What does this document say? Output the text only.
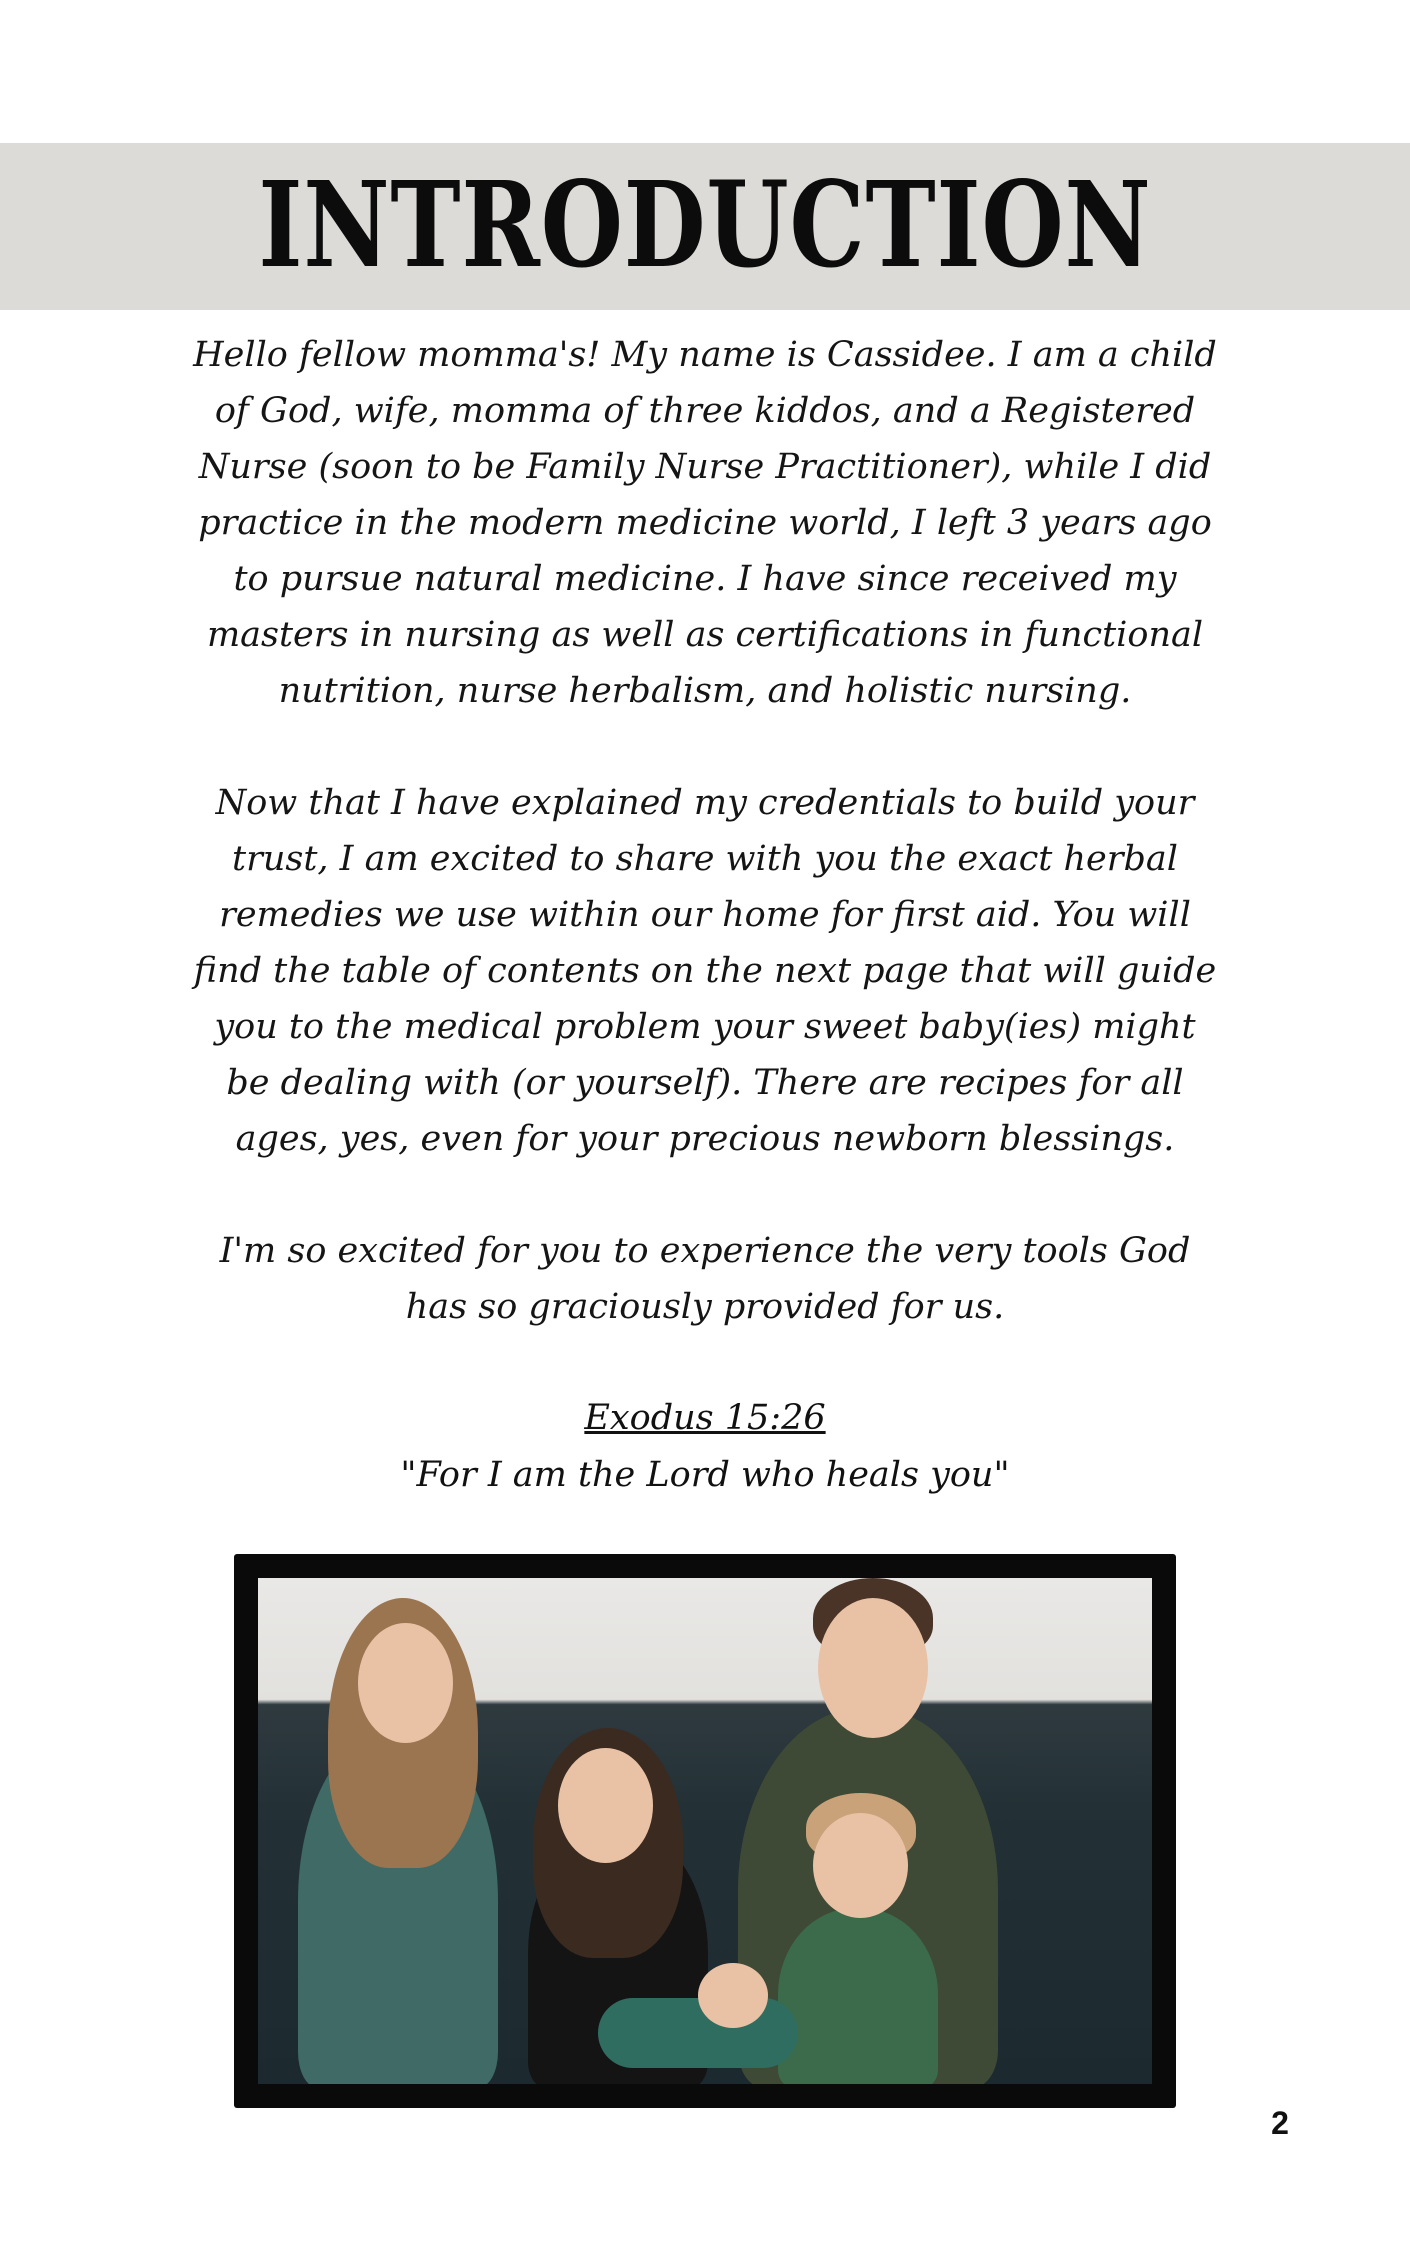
INTRODUCTION

Hello fellow momma's! My name is Cassidee. I am a child of God, wife, momma of three kiddos, and a Registered Nurse (soon to be Family Nurse Practitioner), while I did practice in the modern medicine world, I left 3 years ago to pursue natural medicine. I have since received my masters in nursing as well as certifications in functional nutrition, nurse herbalism, and holistic nursing.

Now that I have explained my credentials to build your trust, I am excited to share with you the exact herbal remedies we use within our home for first aid. You will find the table of contents on the next page that will guide you to the medical problem your sweet baby(ies) might be dealing with (or yourself). There are recipes for all ages, yes, even for your precious newborn blessings.

I'm so excited for you to experience the very tools God has so graciously provided for us.

Exodus 15:26
"For I am the Lord who heals you"
2
